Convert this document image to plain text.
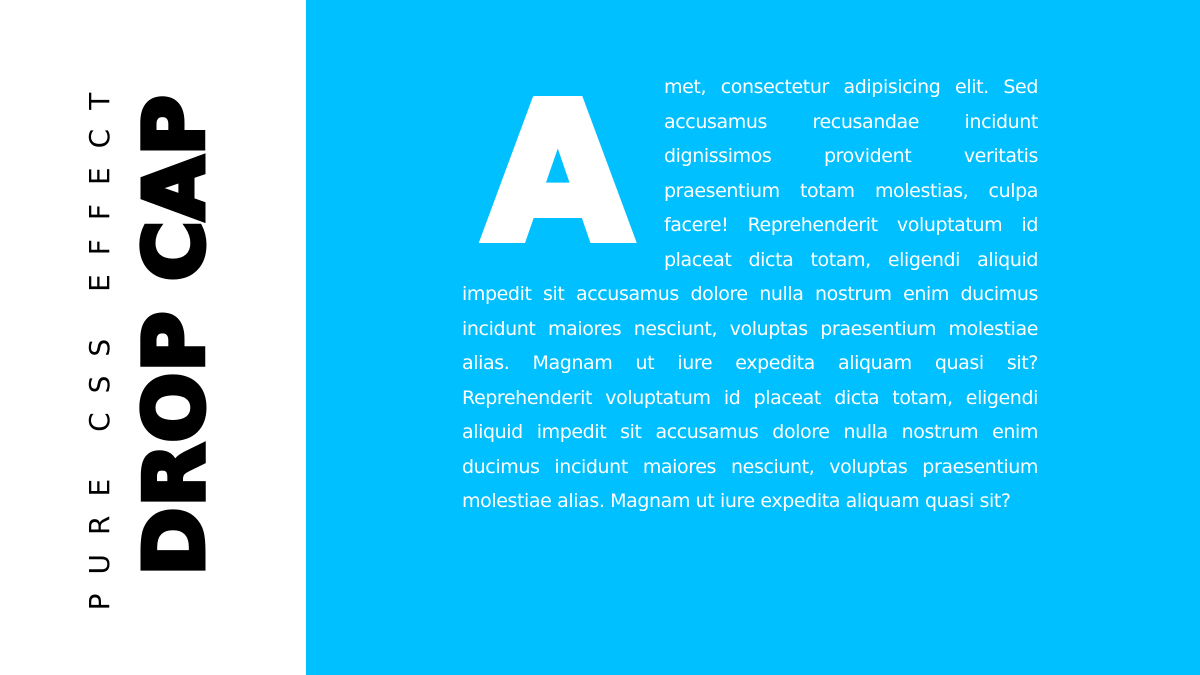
PURE CSS EFFECT DROP CAP A met, consectetur adipisicing elit. Sed accusamus recusandae incidunt dignissimos provident veritatis praesentium totam molestias, culpa facere! Reprehenderit voluptatum id placeat dicta totam, eligendi aliquid impedit sit accusamus dolore nulla nostrum enim ducimus incidunt maiores nesciunt, voluptas praesentium molestiae alias. Magnam ut iure expedita aliquam quasi sit? Reprehenderit voluptatum id placeat dicta totam, eligendi aliquid impedit sit accusamus dolore nulla nostrum enim ducimus incidunt maiores nesciunt, voluptas praesentium molestiae alias. Magnam ut iure expedita aliquam quasi sit?
